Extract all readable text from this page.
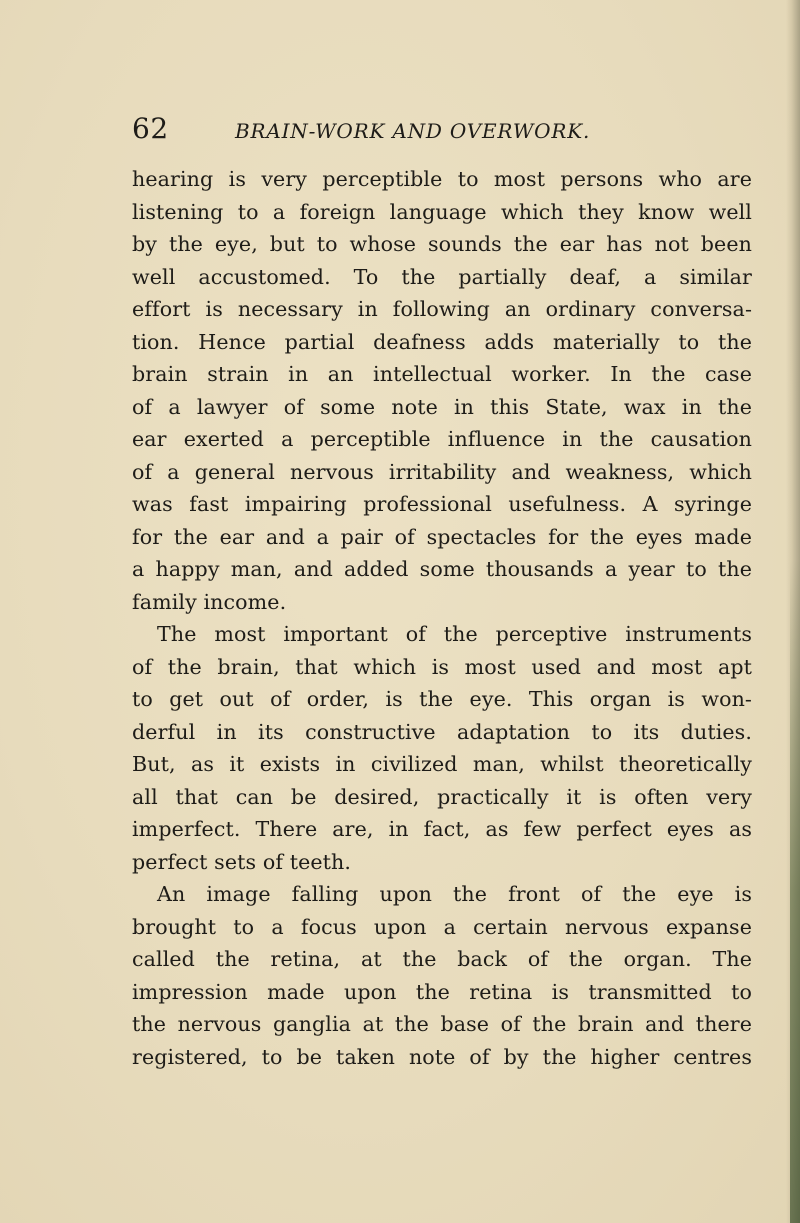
62	BRAIN-WORK AND OVERWORK.
hearing is very perceptible to most persons who are
listening to a foreign language which they know well
by the eye, but to whose sounds the ear has not been
well accustomed. To the partially deaf, a similar
effort is necessary in following an ordinary conversa-
tion. Hence partial deafness adds materially to the
brain strain in an intellectual worker. In the case
of a lawyer of some note in this State, wax in the
ear exerted a perceptible influence in the causation
of a general nervous irritability and weakness, which
was fast impairing professional usefulness. A syringe
for the ear and a pair of spectacles for the eyes made
a happy man, and added some thousands a year to the
family income.
The most important of the perceptive instruments
of the brain, that which is most used and most apt
to get out of order, is the eye. This organ is won-
derful in its constructive adaptation to its duties.
But, as it exists in civilized man, whilst theoretically
all that can be desired, practically it is often very
imperfect. There are, in fact, as few perfect eyes as
perfect sets of teeth.
An image falling upon the front of the eye is
brought to a focus upon a certain nervous expanse
called the retina, at the back of the organ. The
impression made upon the retina is transmitted to
the nervous ganglia at the base of the brain and there
registered, to be taken note of by the higher centres
